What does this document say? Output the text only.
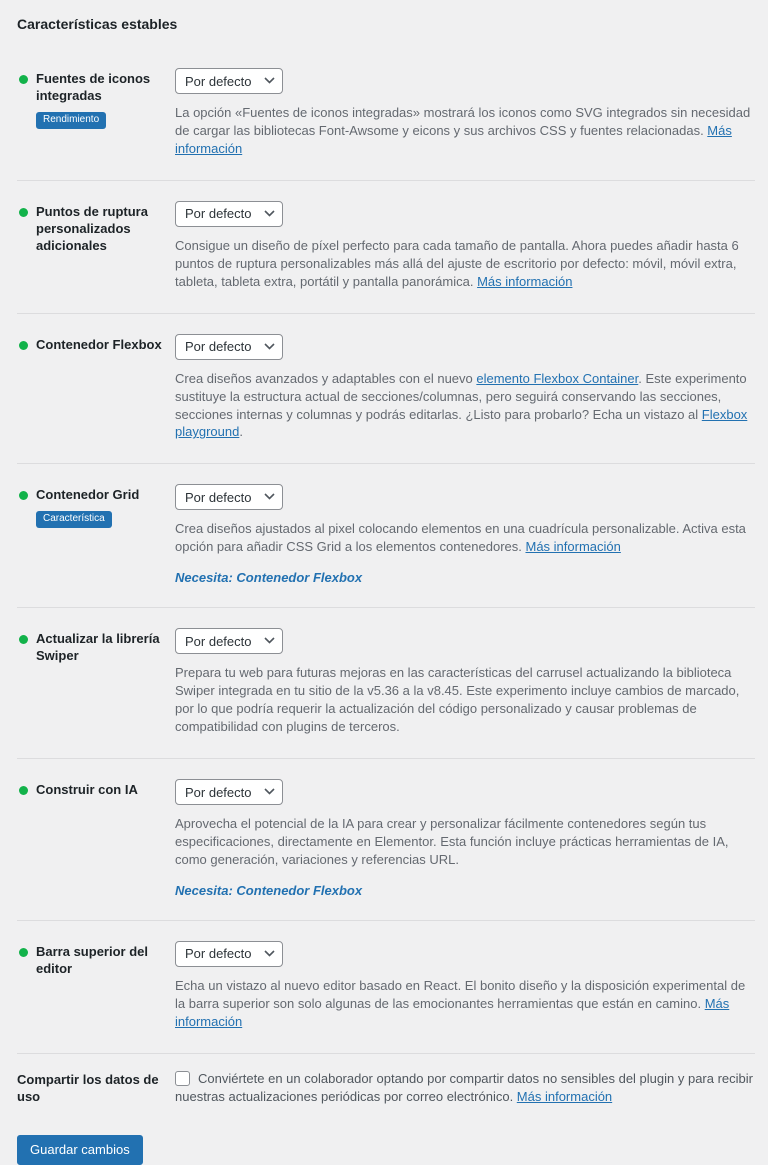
Características estables
Fuentes de iconos integradas
Rendimiento
Por defecto	La opción «Fuentes de iconos integradas» mostrará los iconos como SVG integrados sin necesidad de cargar las bibliotecas Font-Awsome y eicons y sus archivos CSS y fuentes relacionadas. Más información
Puntos de ruptura personalizados adicionales
Por defecto	Consigue un diseño de píxel perfecto para cada tamaño de pantalla. Ahora puedes añadir hasta 6 puntos de ruptura personalizables más allá del ajuste de escritorio por defecto: móvil, móvil extra, tableta, tableta extra, portátil y pantalla panorámica. Más información
Contenedor Flexbox
Por defecto
Crea diseños avanzados y adaptables con el nuevo elemento Flexbox Container. Este experimento sustituye la estructura actual de secciones/columnas, pero seguirá conservando las secciones, secciones internas y columnas y podrás editarlas. ¿Listo para probarlo? Echa un vistazo al Flexbox playground.
Contenedor Grid
Característica
Por defecto
Crea diseños ajustados al pixel colocando elementos en una cuadrícula personalizable. Activa esta opción para añadir CSS Grid a los elementos contenedores. Más información
Necesita: Contenedor Flexbox
Actualizar la librería Swiper
Por defecto
Prepara tu web para futuras mejoras en las características del carrusel actualizando la biblioteca Swiper integrada en tu sitio de la v5.36 a la v8.45. Este experimento incluye cambios de marcado, por lo que podría requerir la actualización del código personalizado y causar problemas de compatibilidad con plugins de terceros.
Construir con IA
Por defecto
Aprovecha el potencial de la IA para crear y personalizar fácilmente contenedores según tus especificaciones, directamente en Elementor. Esta función incluye prácticas herramientas de IA, como generación, variaciones y referencias URL.
Necesita: Contenedor Flexbox
Barra superior del editor
Por defecto
Echa un vistazo al nuevo editor basado en React. El bonito diseño y la disposición experimental de la barra superior son solo algunas de las emocionantes herramientas que están en camino. Más información
Compartir los datos de uso
Conviértete en un colaborador optando por compartir datos no sensibles del plugin y para recibir nuestras actualizaciones periódicas por correo electrónico. Más información
Guardar cambios
